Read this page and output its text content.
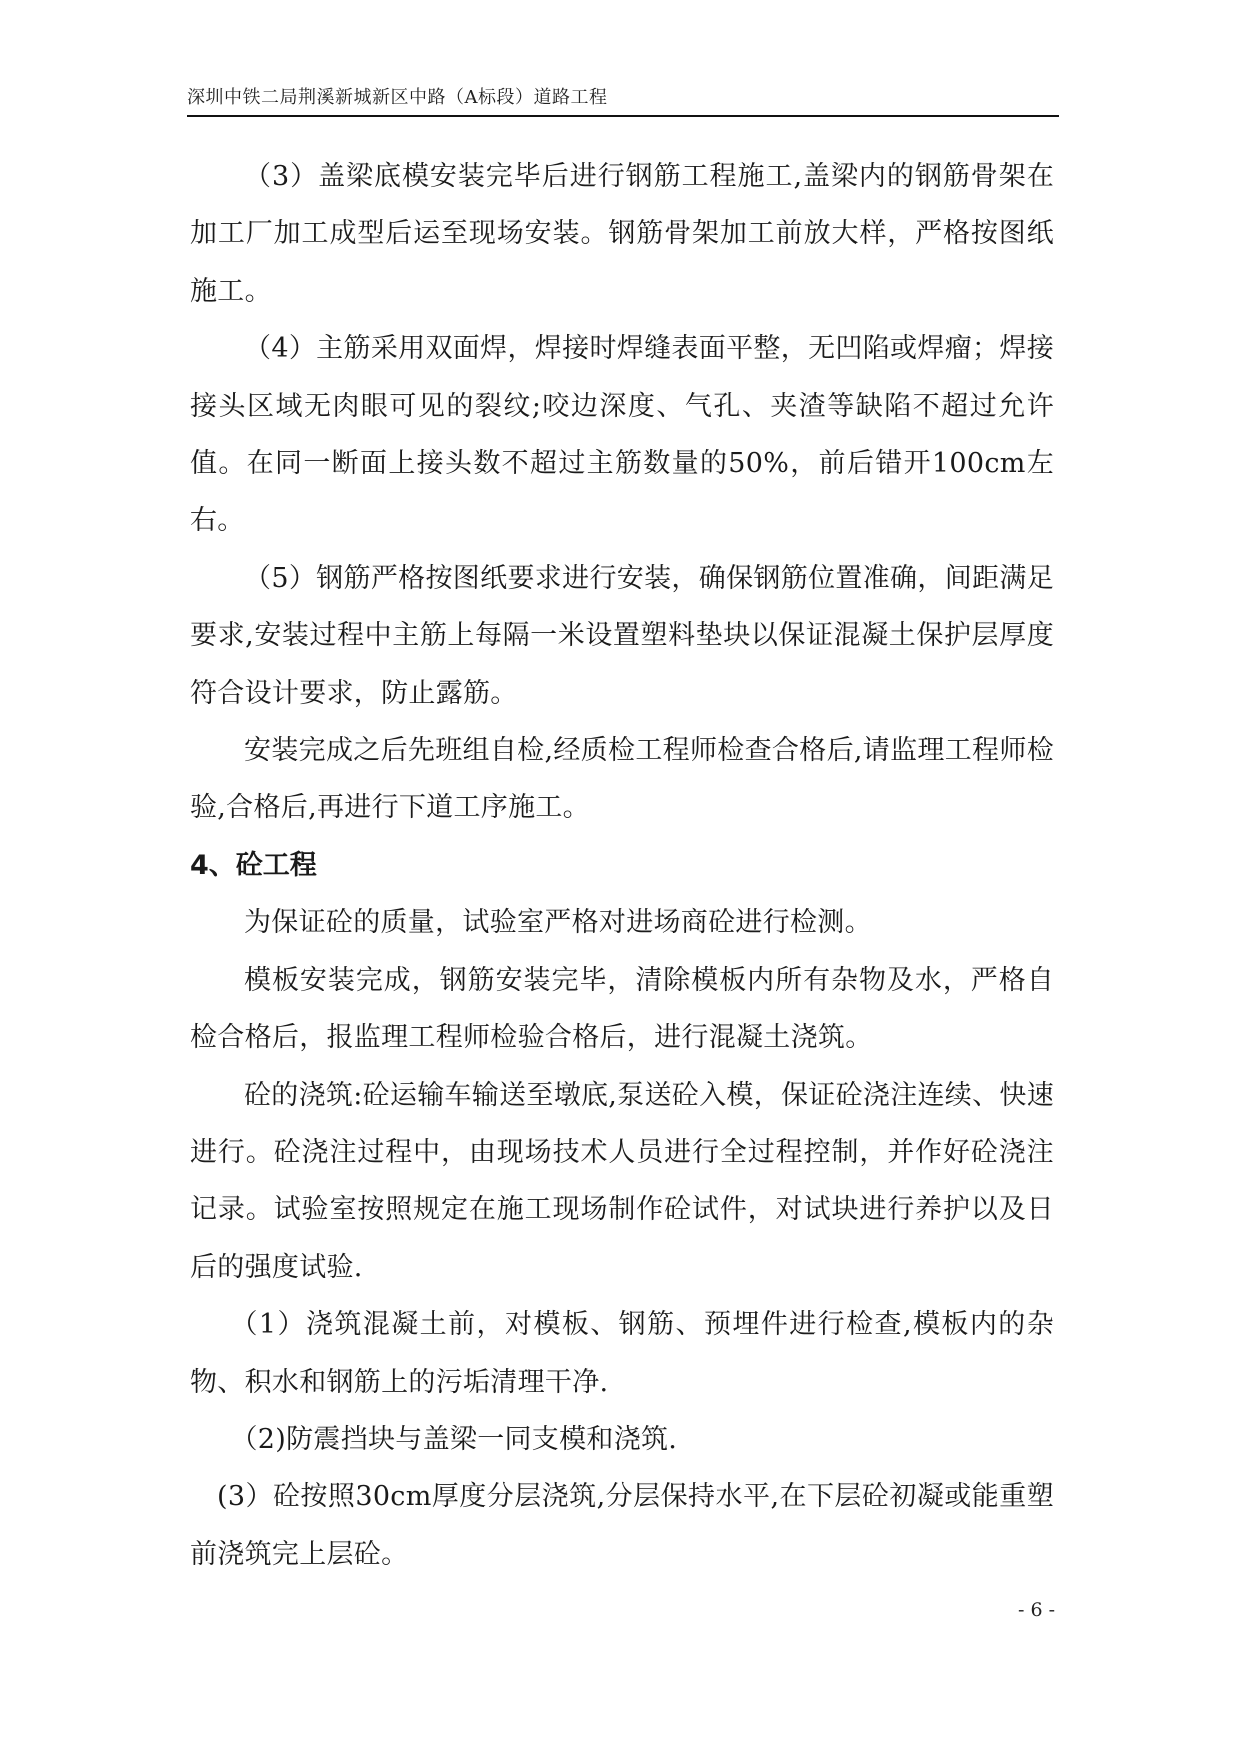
深圳中铁二局荆溪新城新区中路（A标段）道路工程

（3）盖梁底模安装完毕后进行钢筋工程施工,盖梁内的钢筋骨架在加工厂加工成型后运至现场安装。钢筋骨架加工前放大样，严格按图纸施工。

（4）主筋采用双面焊，焊接时焊缝表面平整，无凹陷或焊瘤；焊接接头区域无肉眼可见的裂纹;咬边深度、气孔、夹渣等缺陷不超过允许值。在同一断面上接头数不超过主筋数量的50%，前后错开100cm左右。

（5）钢筋严格按图纸要求进行安装，确保钢筋位置准确，间距满足要求,安装过程中主筋上每隔一米设置塑料垫块以保证混凝土保护层厚度符合设计要求，防止露筋。

安装完成之后先班组自检,经质检工程师检查合格后,请监理工程师检验,合格后,再进行下道工序施工。

4、砼工程

为保证砼的质量，试验室严格对进场商砼进行检测。

模板安装完成，钢筋安装完毕，清除模板内所有杂物及水，严格自检合格后，报监理工程师检验合格后，进行混凝土浇筑。

砼的浇筑:砼运输车输送至墩底,泵送砼入模，保证砼浇注连续、快速进行。砼浇注过程中，由现场技术人员进行全过程控制，并作好砼浇注记录。试验室按照规定在施工现场制作砼试件，对试块进行养护以及日后的强度试验.

（1）浇筑混凝土前，对模板、钢筋、预埋件进行检查,模板内的杂物、积水和钢筋上的污垢清理干净.

（2)防震挡块与盖梁一同支模和浇筑.

(3）砼按照30cm厚度分层浇筑,分层保持水平,在下层砼初凝或能重塑前浇筑完上层砼。

- 6 -
